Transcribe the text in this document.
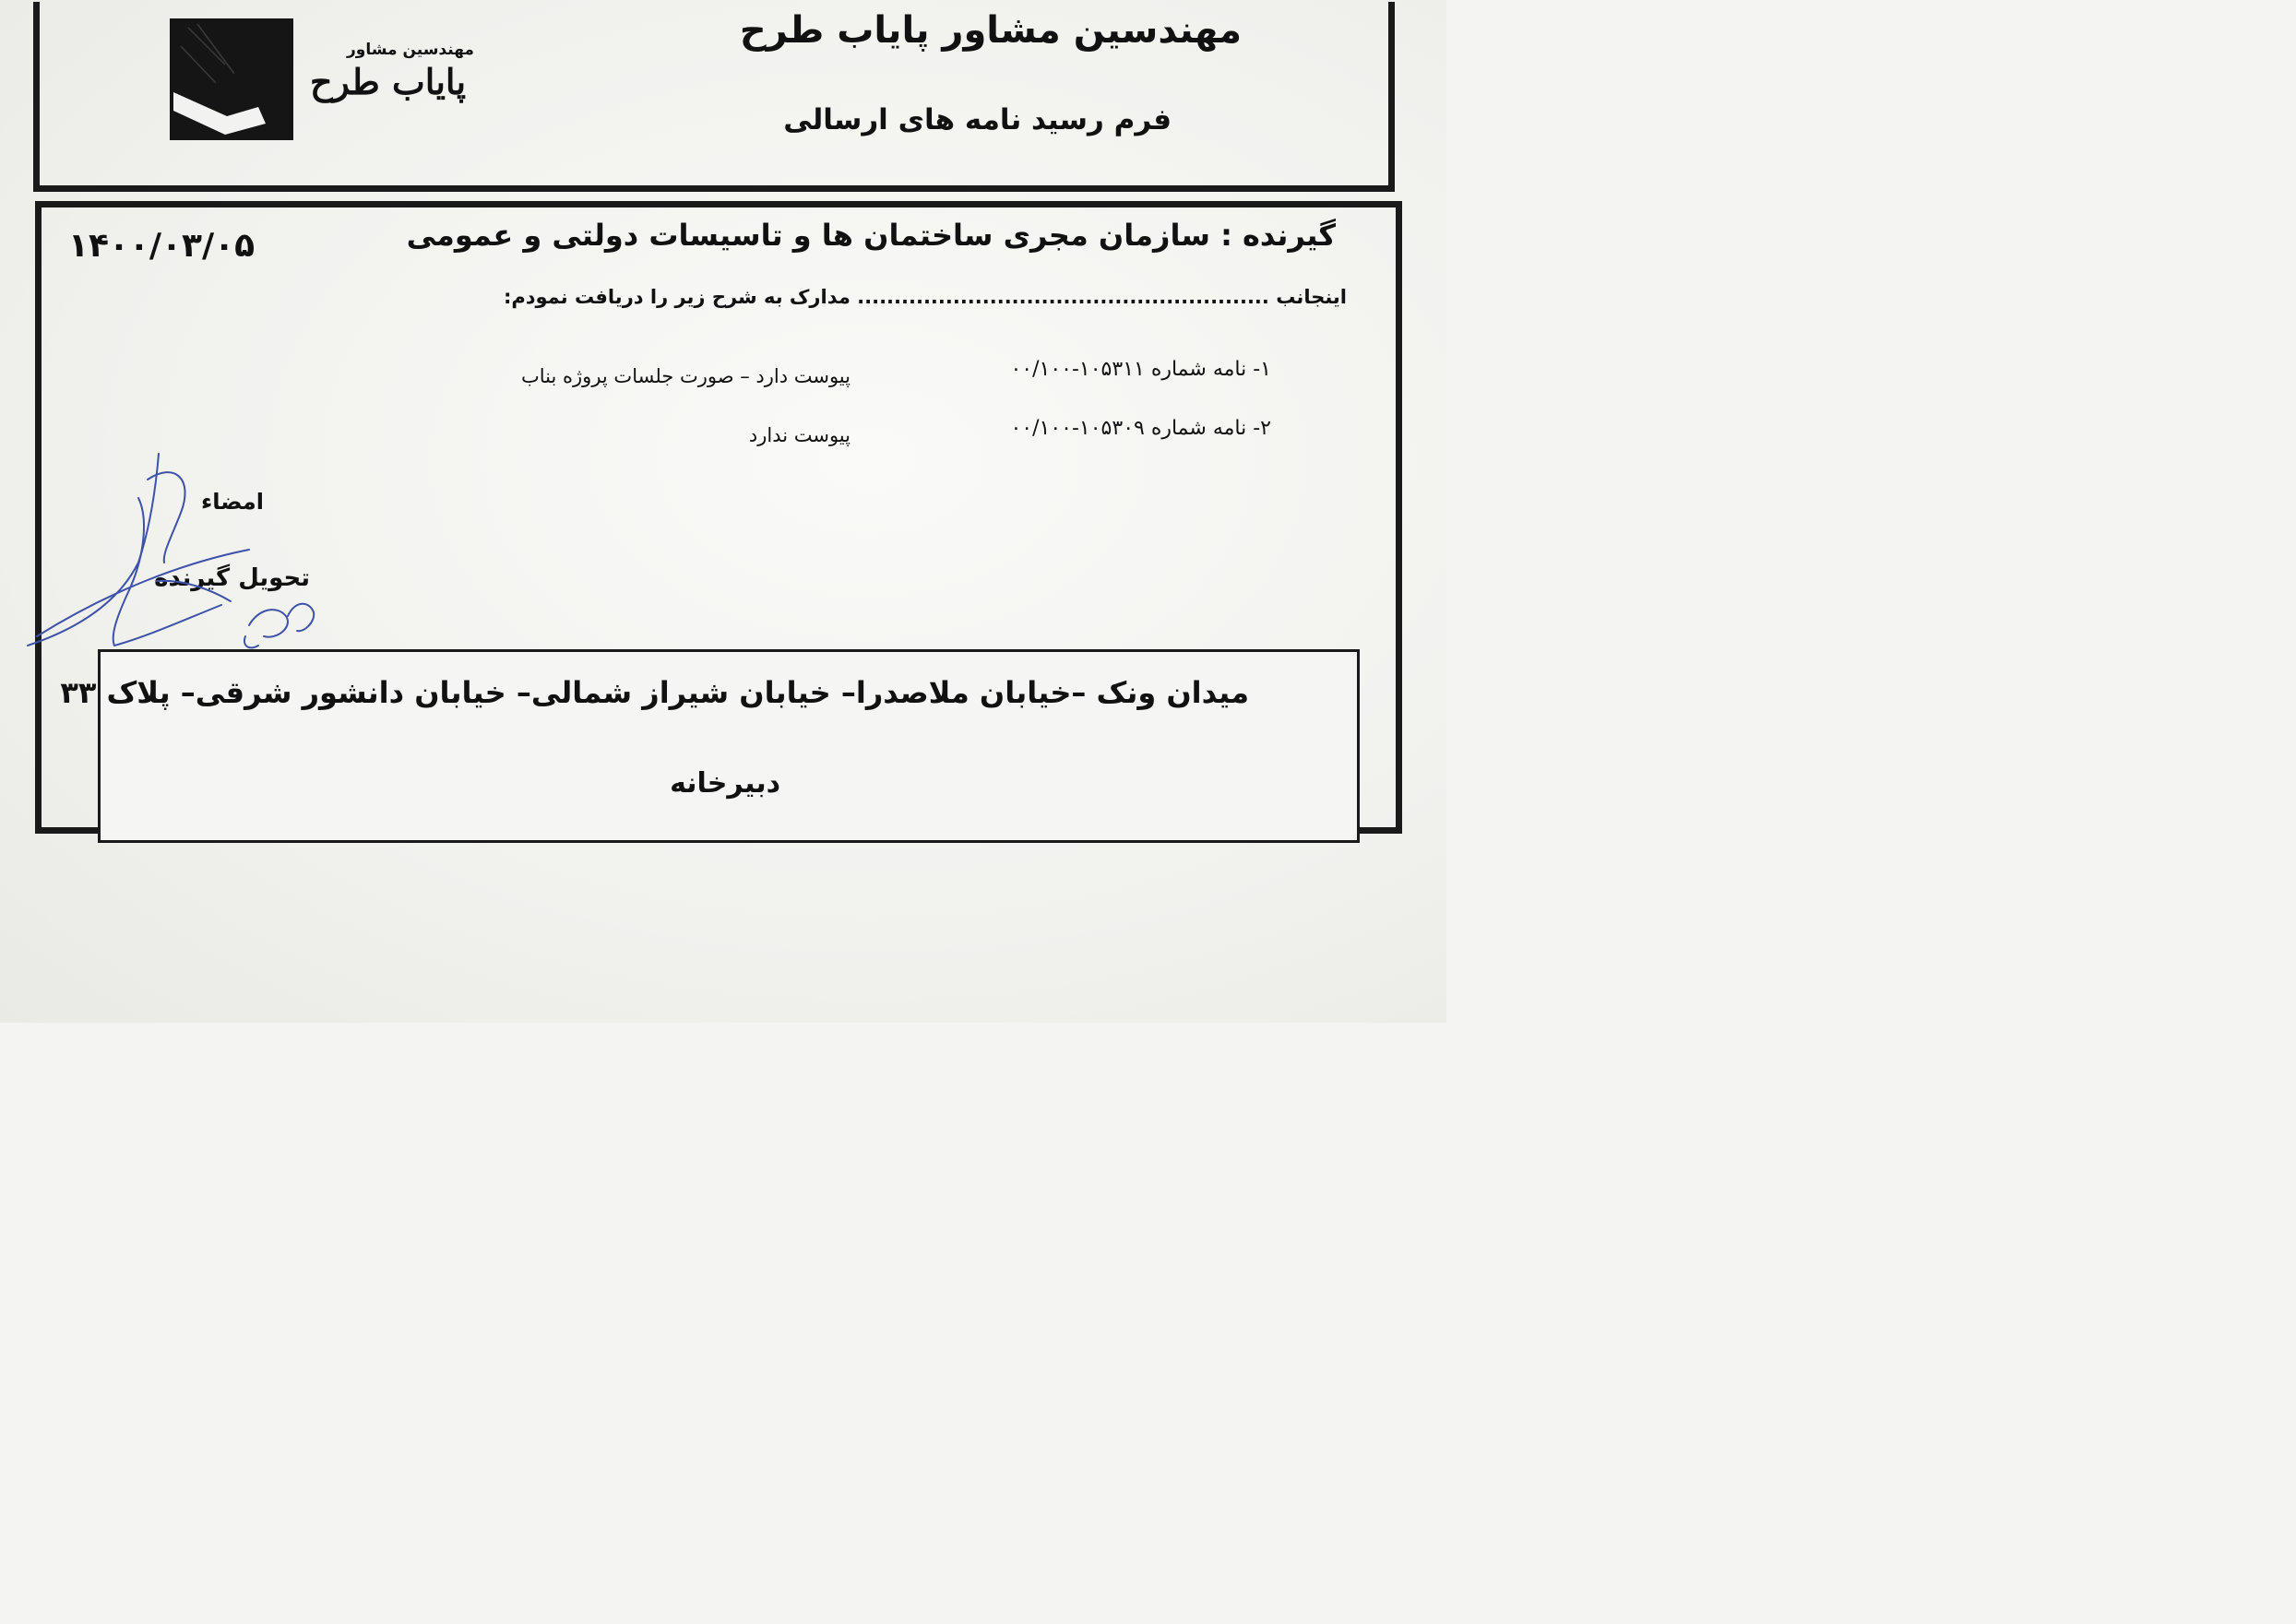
مهندسین مشاور
پایاب طرح
مهندسین مشاور پایاب طرح
فرم رسید نامه های ارسالی
۱۴۰۰/۰۳/۰۵	گیرنده : سازمان مجری ساختمان ها و تاسیسات دولتی و عمومی
اینجانب ........................................................ مدارک به شرح زیر را دریافت نمودم:
۱- نامه شماره ۱۰۵۳۱۱-۰۰/۱۰۰
پیوست دارد – صورت جلسات پروژه بناب
۲- نامه شماره ۱۰۵۳۰۹-۰۰/۱۰۰
پیوست ندارد
امضاء
تحویل گیرنده
میدان ونک –خیابان ملاصدرا– خیابان شیراز شمالی– خیابان دانشور شرقی– پلاک ۳۳
دبیرخانه
